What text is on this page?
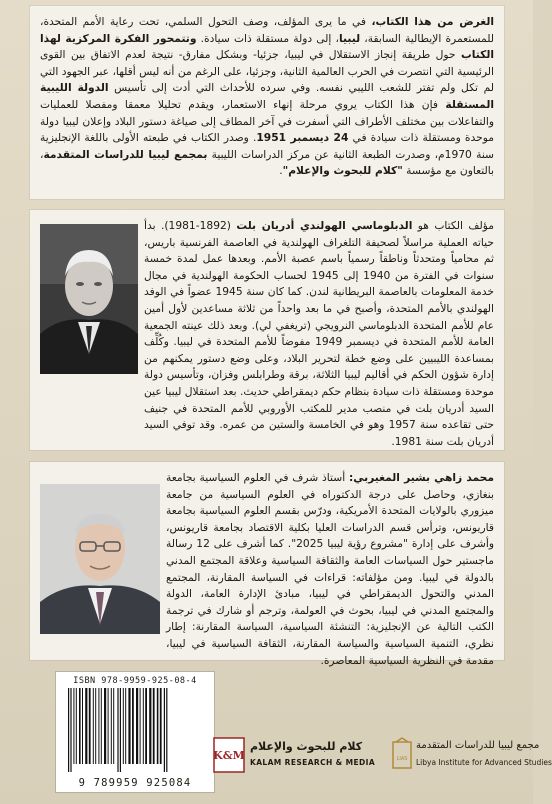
الغرض من هذا الكتاب، في ما يرى المؤلف، وصف التحول السلمي، تحت رعاية الأمم المتحدة، للمستعمرة الإيطالية السابقة، ليبيا، إلى دولة مستقلة ذات سيادة. وتتمحور الفكرة المركزية لهذا الكتاب حول طريقة إنجاز الاستقلال في ليبيا، جزئيا- وبشكل مفارق- نتيجة لعدم الاتفاق بين القوى الرئيسية التي انتصرت في الحرب العالمية الثانية، وجزئيا، على الرغم من أنه ليس أقلها، عبر الجهود التي لم تكل ولم تفتر للشعب الليبي نفسه. وفي سرده للأحداث التي أدت إلى تأسيس الدولة الليبية المستقلة فإن هذا الكتاب يروي مرحلة إنهاء الاستعمار، ويقدم تحليلا معمقا ومفصلا للعمليات والتفاعلات بين مختلف الأطراف التي أسفرت في آخر المطاف إلى صياغة دستور البلاد وإعلان ليبيا دولة موحدة ومستقلة ذات سيادة في 24 ديسمبر 1951. وصدر الكتاب في طبعته الأولى باللغة الإنجليزية سنة 1970م، وصدرت الطبعة الثانية عن مركز الدراسات الليبية بمجمع ليبيا للدراسات المتقدمة، بالتعاون مع مؤسسة "كلام للبحوث والإعلام".

مؤلف الكتاب هو الدبلوماسي الهولندي أدريان بلت (1892-1981). بدأ حياته العملية مراسلاً لصحيفة التلغراف الهولندية في العاصمة الفرنسية باريس، ثم محامياً ومتحدثاً وناطقاً رسمياً باسم عصبة الأمم. وبعدها عمل لمدة خمسة سنوات في الفترة من 1940 إلى 1945 لحساب الحكومة الهولندية في مجال خدمة المعلومات بالعاصمة البريطانية لندن. كما كان سنة 1945 عضواً في الوفد الهولندي بالأمم المتحدة، وأصبح في ما بعد واحداً من ثلاثة مساعدين لأول أمين عام للأمم المتحدة الدبلوماسي النرويجي (تريغفي لي). وبعد ذلك عينته الجمعية العامة للأمم المتحدة في ديسمبر 1949 مفوضاً للأمم المتحدة في ليبيا. وكُلِّف بمساعدة الليبيين على وضع خطة لتحرير البلاد، وعلى وضع دستور يمكنهم من إدارة شؤون الحكم في أقاليم ليبيا الثلاثة، برقة وطرابلس وفزان، وتأسيس دولة موحدة ومستقلة ذات سيادة بنظام حكم ديمقراطي حديث. بعد استقلال ليبيا عين السيد أدريان بلت في منصب مدير للمكتب الأوروبي للأمم المتحدة في جنيف حتى تقاعده سنة 1957 وهو في الخامسة والستين من عمره. وقد توفي السيد أدريان بلت سنة 1981.

محمد زاهي بشير المغيربي: أستاذ شرف في العلوم السياسية بجامعة بنغازي، وحاصل على درجة الدكتوراه في العلوم السياسية من جامعة ميزوري بالولايات المتحدة الأمريكية، ودرّس بقسم العلوم السياسية بجامعة قاريونس، وترأس قسم الدراسات العليا بكلية الاقتصاد بجامعة قاريونس، وأشرف على إدارة "مشروع رؤية ليبيا 2025". كما أشرف على 12 رسالة ماجستير حول السياسات العامة والثقافة السياسية وعلاقة المجتمع المدني بالدولة في ليبيا. ومن مؤلفاته: قراءات في السياسة المقارنة، المجتمع المدني والتحول الديمقراطي في ليبيا، مبادئ الإدارة العامة، الدولة والمجتمع المدني في ليبيا، بحوث في العولمة، وترجم أو شارك في ترجمة الكتب التالية عن الإنجليزية: التنشئة السياسية، السياسة المقارنة: إطار نظري، التنمية السياسية والسياسة المقارنة، الثقافة السياسية في ليبيا، مقدمة في النظرية السياسية المعاصرة.

ISBN 978-9959-925-08-4
9 789959 925084
K&M
كلام للبحوث والإعلام
KALAM RESEARCH & MEDIA	LIAS
مجمع ليبيا للدراسات المتقدمة
Libya Institute for Advanced Studies
